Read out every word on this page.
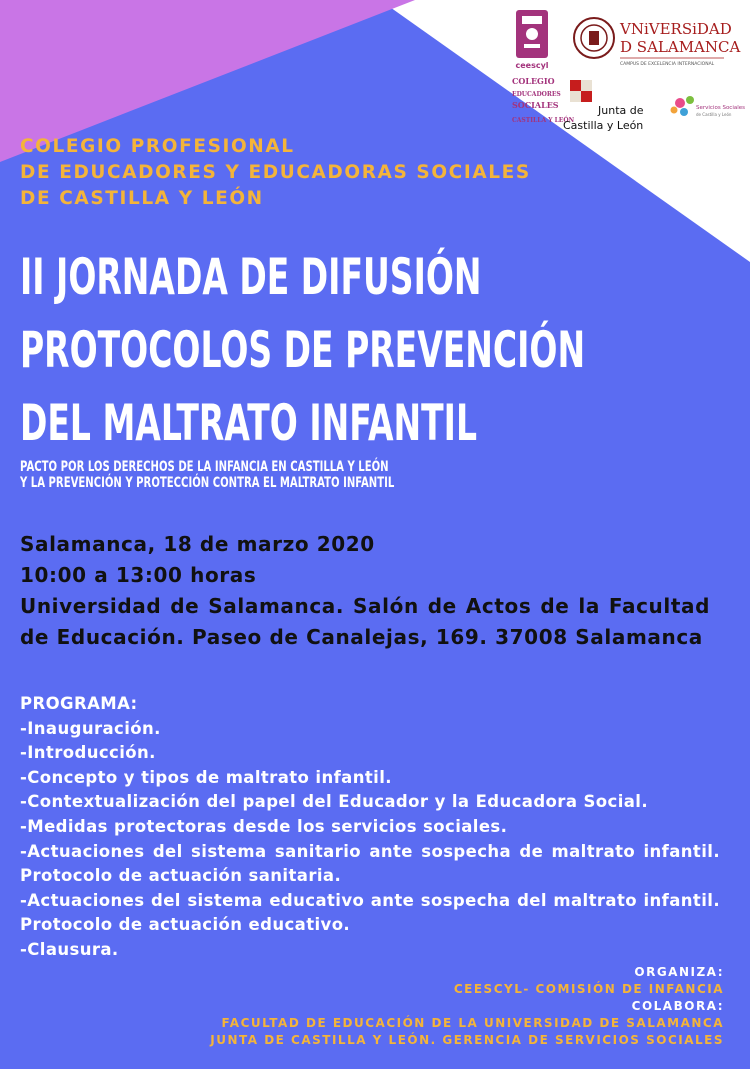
ceescyl
COLEGIO
EDUCADORES
SOCIALES
CASTILLA Y LEÓN
VNiVERSiDAD
D SALAMANCA
CAMPUS DE EXCELENCIA INTERNACIONAL
Junta de
Castilla y León
Servicios Sociales
de Castilla y León
COLEGIO PROFESIONAL
DE EDUCADORES Y EDUCADORAS SOCIALES
DE CASTILLA Y LEÓN
II JORNADA DE DIFUSIÓN
PROTOCOLOS DE PREVENCIÓN
DEL MALTRATO INFANTIL
PACTO POR LOS DERECHOS DE LA INFANCIA EN CASTILLA Y LEÓN
Y LA PREVENCIÓN Y PROTECCIÓN CONTRA EL MALTRATO INFANTIL
Salamanca, 18 de marzo 2020
10:00 a 13:00 horas
Universidad de Salamanca. Salón de Actos de la Facultad de Educación. Paseo de Canalejas, 169. 37008 Salamanca
PROGRAMA:
-Inauguración.
-Introducción.
-Concepto y tipos de maltrato infantil.
-Contextualización del papel del Educador y la Educadora Social.
-Medidas protectoras desde los servicios sociales.
-Actuaciones del sistema sanitario ante sospecha de maltrato infantil. Protocolo de actuación sanitaria.
-Actuaciones del sistema educativo ante sospecha del maltrato infantil. Protocolo de actuación educativo.
-Clausura.
ORGANIZA:
CEESCYL- COMISIÓN DE INFANCIA
COLABORA:
FACULTAD DE EDUCACIÓN DE LA UNIVERSIDAD DE SALAMANCA
JUNTA DE CASTILLA Y LEÓN. GERENCIA DE SERVICIOS SOCIALES
